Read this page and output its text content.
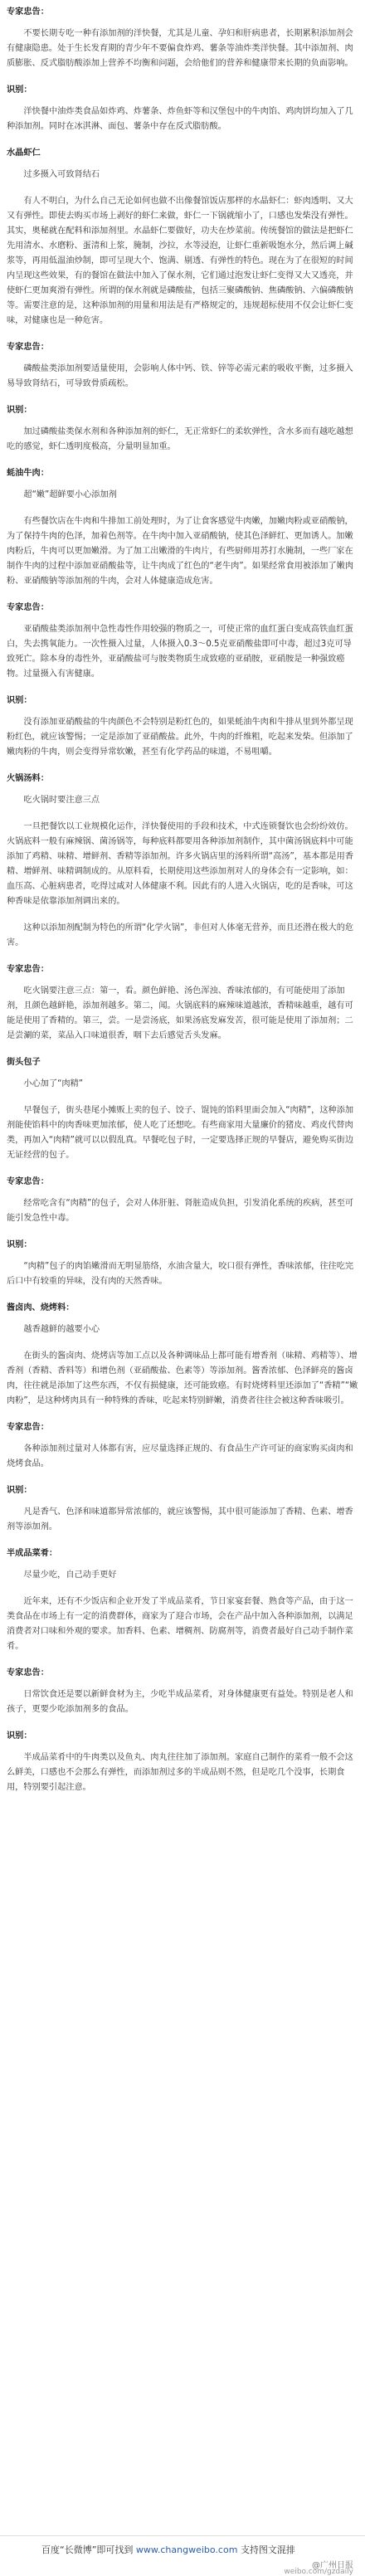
专家忠告：
不要长期专吃一种有添加剂的洋快餐，尤其是儿童、孕妇和肝病患者，长期累积添加剂会有健康隐患。处于生长发育期的青少年不要偏食炸鸡、薯条等油炸类洋快餐。其中添加剂、肉质膨胀、反式脂肪酸添加上营养不均衡和问题，会给他们的营养和健康带来长期的负面影响。
识别：
洋快餐中油炸类食品如炸鸡、炸薯条、炸鱼虾等和汉堡包中的牛肉馅、鸡肉饼均加入了几种添加剂。同时在冰淇淋、面包、薯条中存在反式脂肪酸。
水晶虾仁
过多摄入可致肾结石
有人不明白，为什么自己无论如何也做不出像餐馆饭店那样的水晶虾仁：虾肉透明、又大又有弹性。即使去购买市场上剥好的虾仁来做，虾仁一下锅就缩小了，口感也发柴没有弹性。其实，奥秘就在配料和添加剂里。水晶虾仁要做好，功夫在炒菜前。传统餐馆的做法是把虾仁先用清水、水磨粉、蛋清和上浆，腌制，沙拉，水等浸泡，让虾仁重新吸饱水分，然后调上碱浆等，再用低温油炒制，即可呈现大个、饱满、剔透、有弹性的特色。现在为了在很短的时间内呈现这些效果，有的餐馆在做法中加入了保水剂，它们通过泡发让虾仁变得又大又透亮，并使虾仁更加爽滑有弹性。所谓的保水剂就是磷酸盐，包括三聚磷酸钠、焦磷酸钠、六偏磷酸钠等。需要注意的是，这种添加剂的用量和用法是有严格规定的，违规超标使用不仅会让虾仁变味，对健康也是一种危害。
专家忠告：
磷酸盐类添加剂要适量使用，会影响人体中钙、铁、锌等必需元素的吸收平衡，过多摄入易导致肾结石，可导致骨质疏松。
识别：
加过磷酸盐类保水剂和各种添加剂的虾仁，无正常虾仁的柔软弹性，含水多而有越吃越想吃的感觉，虾仁透明度极高，分量明显加重。
蚝油牛肉：
超“嫩”超鲜要小心添加剂
有些餐饮店在牛肉和牛排加工前处理时，为了让食客感觉牛肉嫩，加嫩肉粉或亚硝酸钠，为了保持牛肉的色泽，加着色剂等。在牛肉中加入亚硝酸钠，使其色泽鲜红、更加诱人。加嫩肉粉后，牛肉可以更加嫩滑。为了加工出嫩滑的牛肉片，有些厨师用苏打水腌制，一些厂家在制作牛肉的过程中添加亚硝酸盐等，让牛肉成了红色的“老牛肉”。如果经常食用被添加了嫩肉粉、亚硝酸钠等添加剂的牛肉，会对人体健康造成危害。
专家忠告：
亚硝酸盐类添加剂中急性毒性作用较强的物质之一，可使正常的血红蛋白变成高铁血红蛋白，失去携氧能力。一次性摄入过量，人体摄入0.3～0.5克亚硝酸盐即可中毒，超过3克可导致死亡。除本身的毒性外，亚硝酸盐可与胺类物质生成致癌的亚硝胺，亚硝胺是一种强致癌物。过量摄入有害健康。
识别：
没有添加亚硝酸盐的牛肉颜色不会特别是粉红色的，如果蚝油牛肉和牛排从里到外都呈现粉红色，就应该警惕；一定是添加了亚硝酸盐。此外，牛肉的纤维粗，吃起来发柴。但添加了嫩肉粉的牛肉，则会变得异常软嫩，甚至有化学药品的味道，不易咀嚼。
火锅汤料：
吃火锅时要注意三点
一旦把餐饮以工业规模化运作，洋快餐使用的手段和技术，中式连锁餐饮也会纷纷效仿。火锅底料一般有麻辣锅、菌汤锅等，每种底料都要用各种添加剂制作，其中菌汤锅底料中可能添加了鸡精、味精、增鲜剂、香精等添加剂。许多火锅店里的汤料所谓“高汤”，基本都是用香精、增鲜剂、味精调制成的。从原料看，长期使用这些添加剂对人的身体会有一定影响，如：血压高、心脏病患者，吃得过咸对人体健康不利。因此有的人进入火锅店，吃的是香味，可这种香味是依靠添加剂调出来的。
这种以添加剂配制为特色的所谓“化学火锅”，非但对人体毫无营养，而且还潜在极大的危害。
专家忠告：
吃火锅要注意三点：第一，看。颜色鲜艳、汤色浑浊、香味浓郁的，有可能使用了添加剂，且颜色越鲜艳，添加剂越多。第二，闻。火锅底料的麻辣味道越浓，香精味越重，越有可能是使用了香精的。第三，尝。一是尝汤底，如果汤底发麻发苦，很可能是使用了添加剂；二是尝涮的菜，菜品入口味道很香，咽下去后感觉舌头发麻。
街头包子
小心加了“肉精”
早餐包子，街头巷尾小摊贩上卖的包子、饺子、馄饨的馅料里面会加入“肉精”，这种添加剂能使馅料中的肉香味更加浓郁，使人吃了还想吃。有些商家用大量廉价的猪皮、鸡皮代替肉类，再加入“肉精”就可以以假乱真。早餐吃包子时，一定要选择正规的早餐店，避免购买街边无证经营的包子。
专家忠告：
经常吃含有“肉精”的包子，会对人体肝脏、肾脏造成负担，引发消化系统的疾病，甚至可能引发急性中毒。
识别：
“肉精”包子的肉馅嫩滑而无明显筋络，水油含量大，咬口很有弹性，香味浓郁，往往吃完后口中有较重的异味，没有肉的天然香味。
酱卤肉、烧烤料：
越香越鲜的越要小心
在街头的酱卤肉、烧烤店等加工点以及各种调味品上都可能有增香剂（味精、鸡精等）、增香剂（香精、香料等）和增色剂（亚硝酸盐、色素等）等添加剂。酱香浓郁、色泽鲜亮的酱卤肉，往往就是添加了这些东西，不仅有损健康，还可能致癌。有时烧烤料里还添加了“香精”“嫩肉粉”，是这种烤肉具有一种特殊的香味，吃起来特别鲜嫩，消费者往往会被这种香味吸引。
专家忠告：
各种添加剂过量对人体都有害，应尽量选择正规的、有食品生产许可证的商家购买卤肉和烧烤食品。
识别：
凡是香气、色泽和味道都异常浓郁的，就应该警惕，其中很可能添加了香精、色素、增香剂等添加剂。
半成品菜肴：
尽量少吃，自己动手更好
近年来，还有不少饭店和企业开发了半成品菜肴，节日家宴套餐、熟食等产品，由于这一类食品在市场上有一定的消费群体，商家为了迎合市场，会在产品中加入各种添加剂，以满足消费者对口味和外观的要求。加香料、色素、增稠剂、防腐剂等，消费者最好自己动手制作菜肴。
专家忠告：
日常饮食还是要以新鲜食材为主，少吃半成品菜肴，对身体健康更有益处。特别是老人和孩子，更要少吃添加剂多的食品。
识别：
半成品菜肴中的牛肉类以及鱼丸、肉丸往往加了添加剂。家庭自己制作的菜肴一般不会这么鲜美，口感也不会那么有弹性，而添加剂过多的半成品则不然，但是吃几个没事，长期食用，特别要引起注意。
百度“长微博”即可找到 www.changweibo.com 支持图文混排
@广州日报
weibo.com/gzdaily
